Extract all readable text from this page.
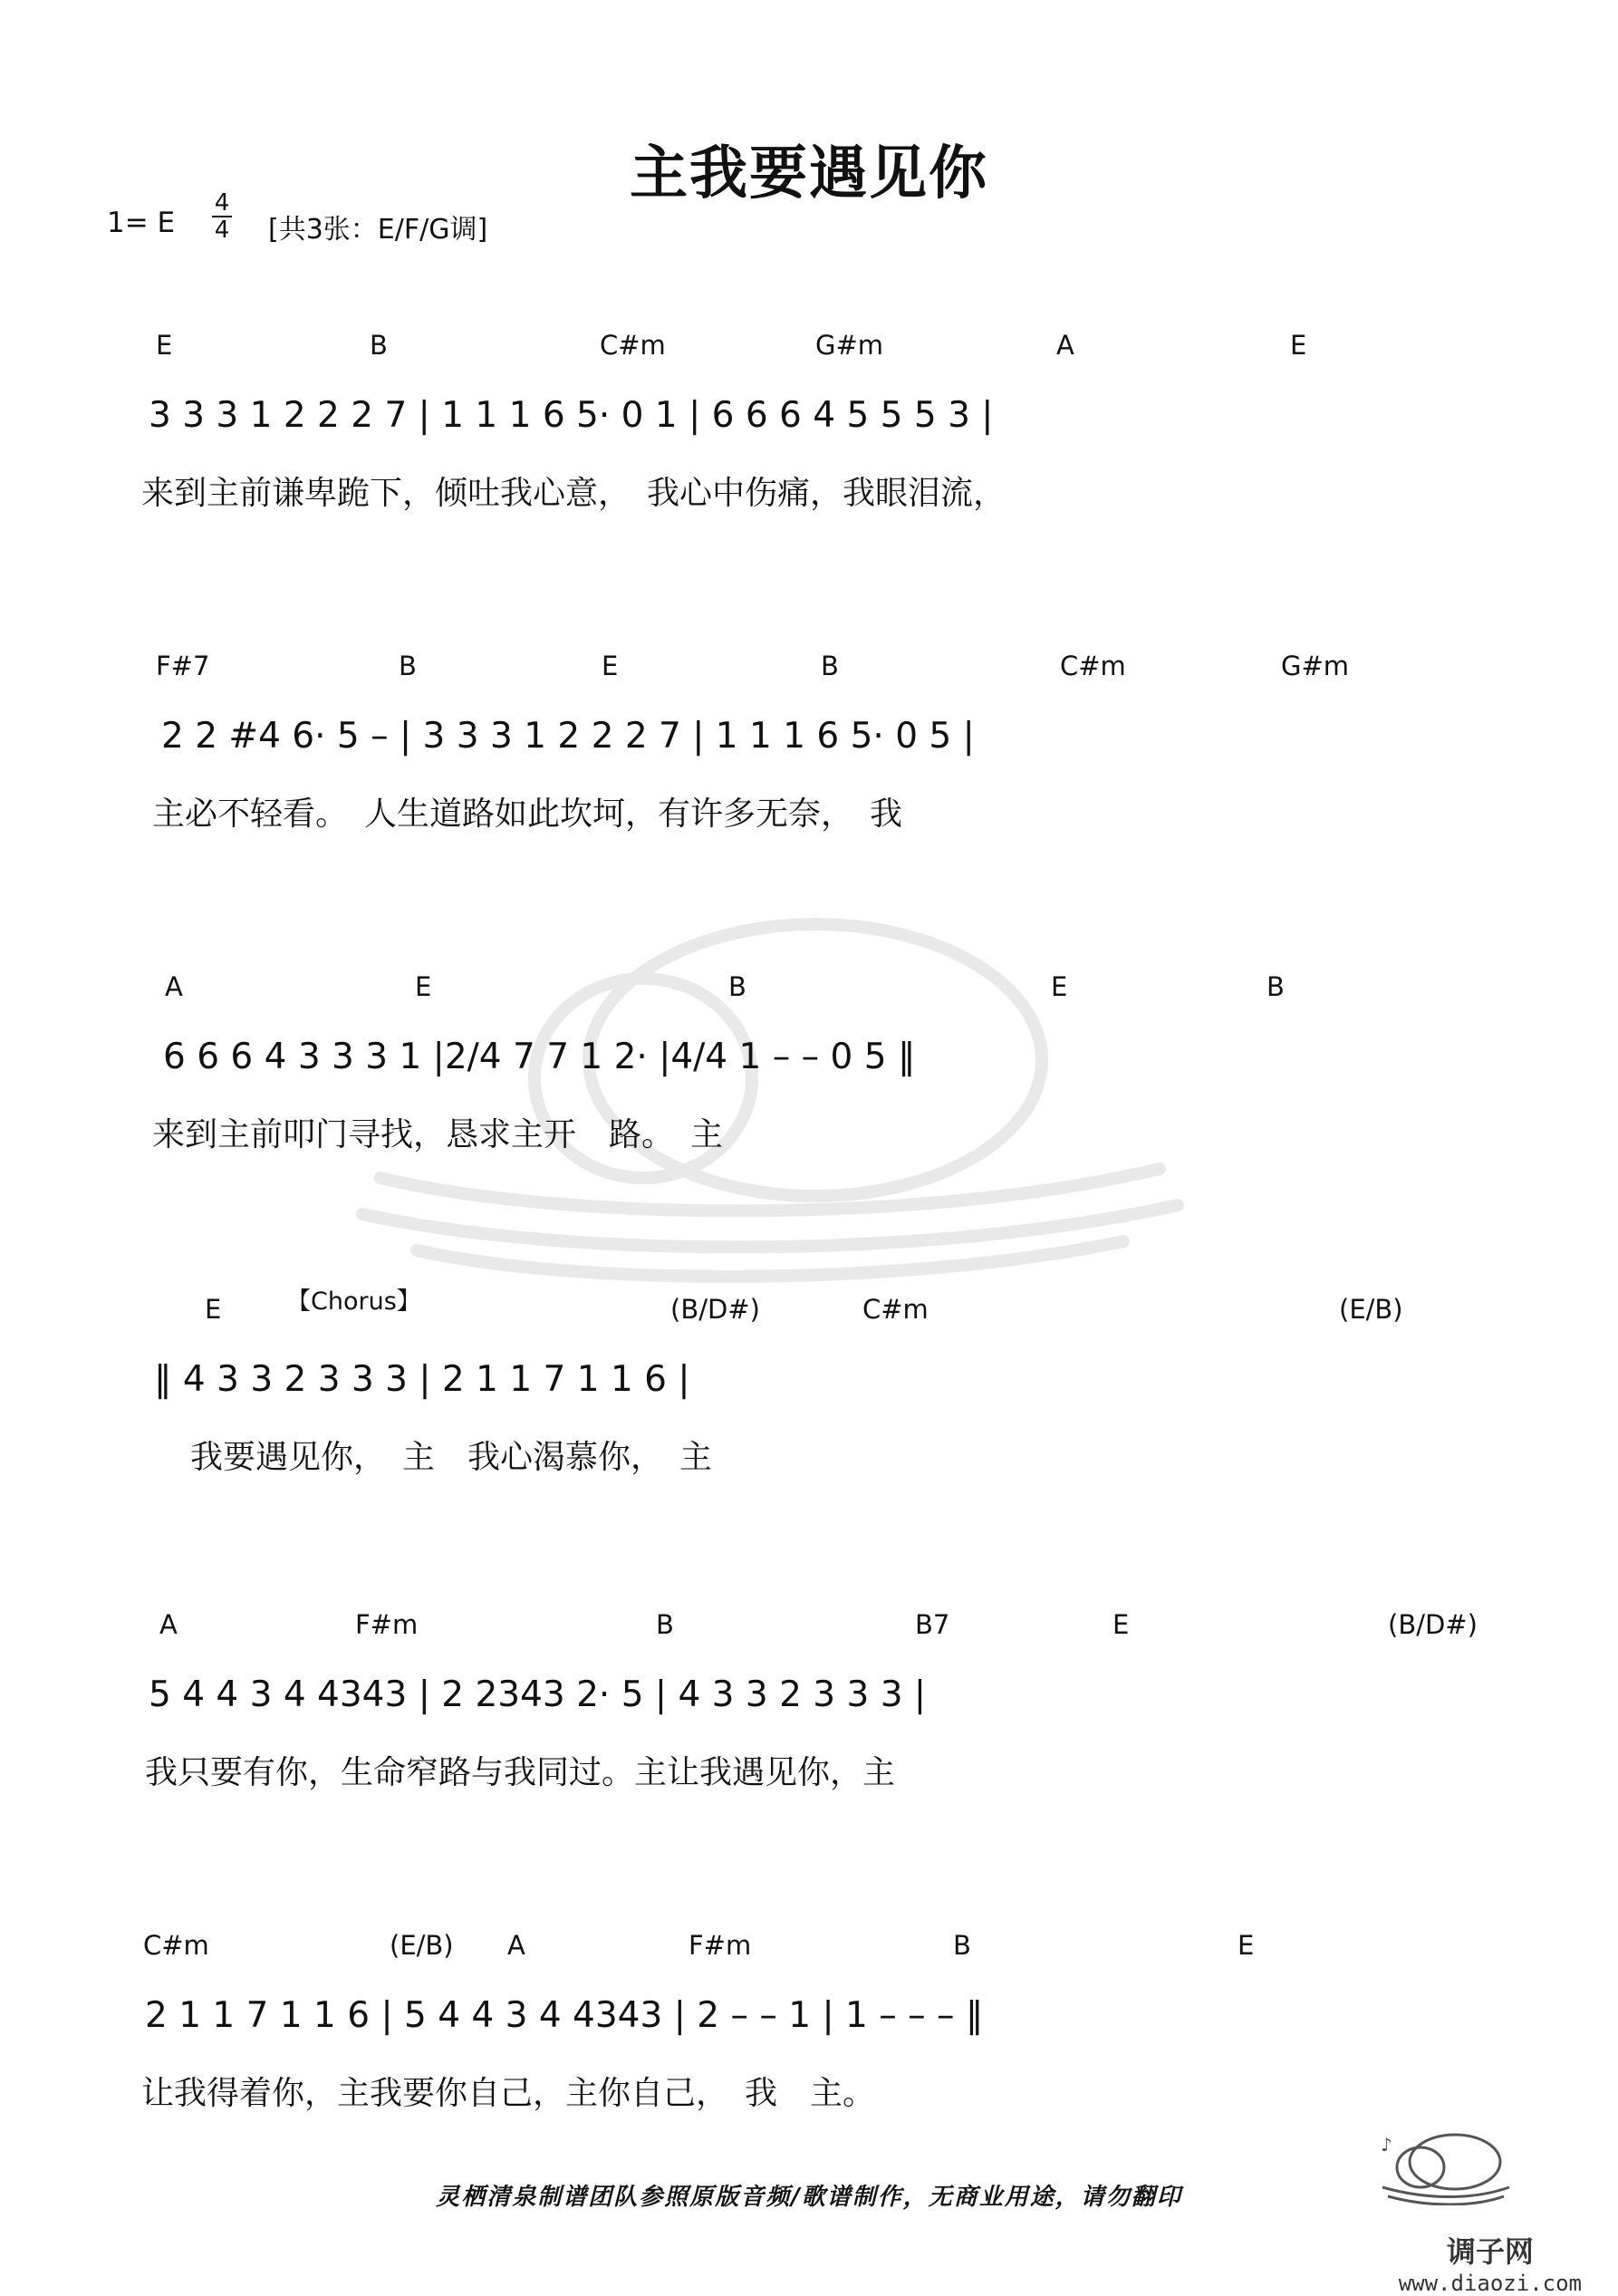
主我要遇见你
1= E
4
4 [共3张：E/F/G调]
E	B	C#m	G#m	A	E
3 3 3 1 2 2 2 7 | 1 1 1 6 5· 0 1 | 6 6 6 4 5 5 5 3 |
来到主前谦卑跪下，倾吐我心意，　我心中伤痛，我眼泪流，
F#7	B	E	B	C#m	G#m
2 2 #4 6· 5 – | 3 3 3 1 2 2 2 7 | 1 1 1 6 5· 0 5 |
主必不轻看。　人生道路如此坎坷，有许多无奈，　我
A	E	B	E	B
6 6 6 4 3 3 3 1 |2/4 7 7 1 2· |4/4 1 – – 0 5 ‖
来到主前叩门寻找，恳求主开　路。　主
【Chorus】
E	(B/D#)	C#m	(E/B)
‖ 4 3 3 2 3 3 3 | 2 1 1 7 1 1 6 |
我要遇见你，　主　我心渴慕你，　主
A	F#m	B	B7	E	(B/D#)
5 4 4 3 4 4343 | 2 2343 2· 5 | 4 3 3 2 3 3 3 |
我只要有你，生命窄路与我同过。主让我遇见你，主
C#m	(E/B) A	F#m	B	E
2 1 1 7 1 1 6 | 5 4 4 3 4 4343 | 2 – – 1 | 1 – – – ‖
让我得着你，主我要你自己，主你自己，　我　主。
♪
灵栖清泉制谱团队参照原版音频/歌谱制作，无商业用途，请勿翻印
调子网
www.diaozi.com
